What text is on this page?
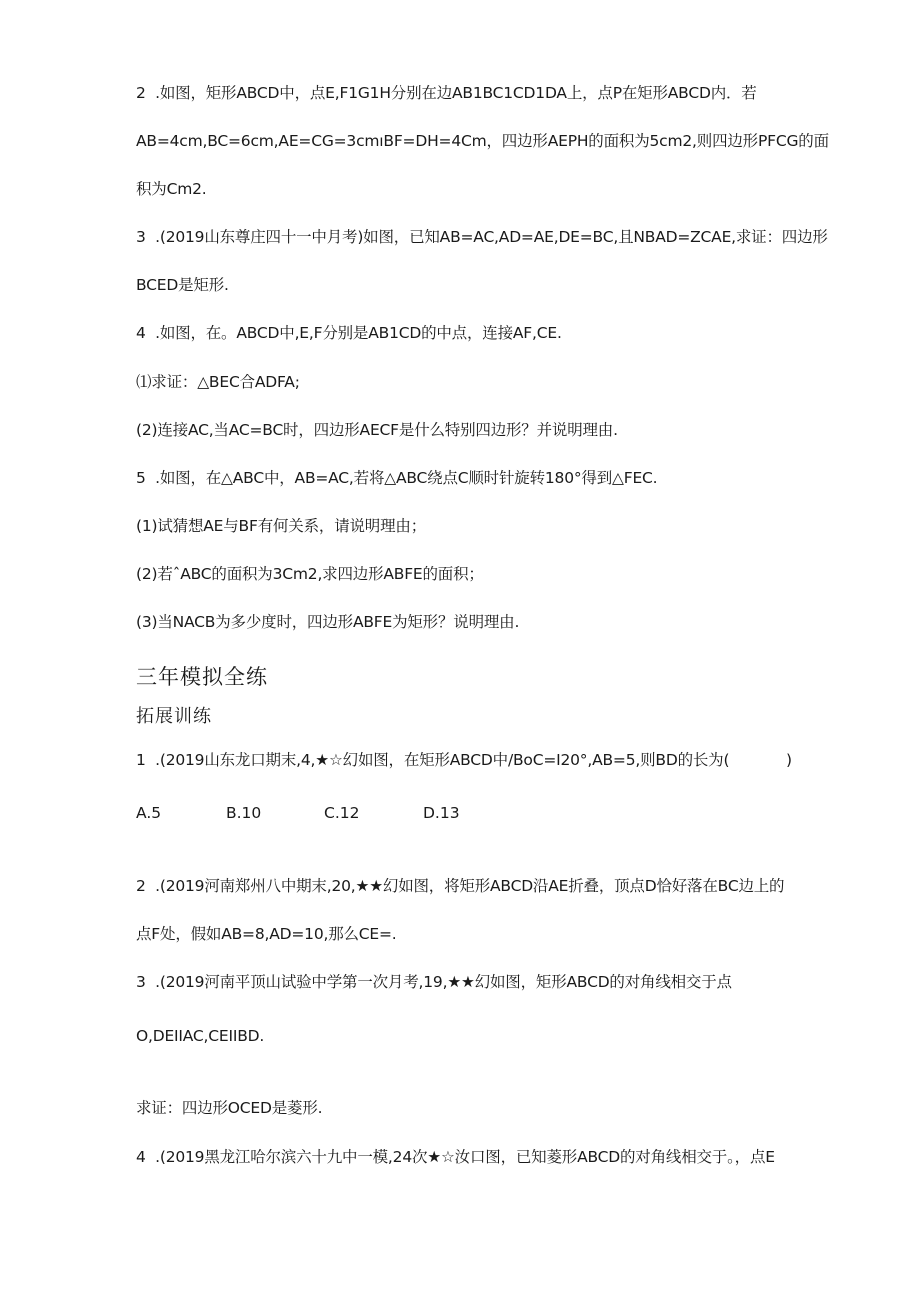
2  .如图，矩形ABCD中，点E,F1G1H分别在边AB1BC1CD1DA上，点P在矩形ABCD内．若
AB=4cm,BC=6cm,AE=CG=3cmıBF=DH=4Cm，四边形AEPH的面积为5cm2,则四边形PFCG的面
积为Cm2.
3  .(2019山东尊庄四十一中月考)如图，已知AB=AC,AD=AE,DE=BC,且NBAD=ZCAE,求证：四边形
BCED是矩形.
4  .如图，在。ABCD中,E,F分别是AB1CD的中点，连接AF,CE.
⑴求证：△BEC合ADFA;
(2)连接AC,当AC=BC时，四边形AECF是什么特别四边形？并说明理由.
5  .如图，在△ABC中，AB=AC,若将△ABC绕点C顺时针旋转180°得到△FEC.
(1)试猜想AE与BF有何关系，请说明理由；
(2)若ˆABC的面积为3Cm2,求四边形ABFE的面积；
(3)当NACB为多少度时，四边形ABFE为矩形？说明理由.
三年模拟全练
拓展训练
1  .(2019山东龙口期末,4,★☆幻如图，在矩形ABCD中/BoC=I20°,AB=5,则BD的长为(            )
A.5	B.10	C.12	D.13
2  .(2019河南郑州八中期末,20,★★幻如图，将矩形ABCD沿AE折叠，顶点D恰好落在BC边上的
点F处，假如AB=8,AD=10,那么CE=.
3  .(2019河南平顶山试验中学第一次月考,19,★★幻如图，矩形ABCD的对角线相交于点
O,DEIIAC,CEIIBD.
求证：四边形OCED是菱形.
4  .(2019黑龙江哈尔滨六十九中一模,24次★☆汝口图，已知菱形ABCD的对角线相交于。，点E
